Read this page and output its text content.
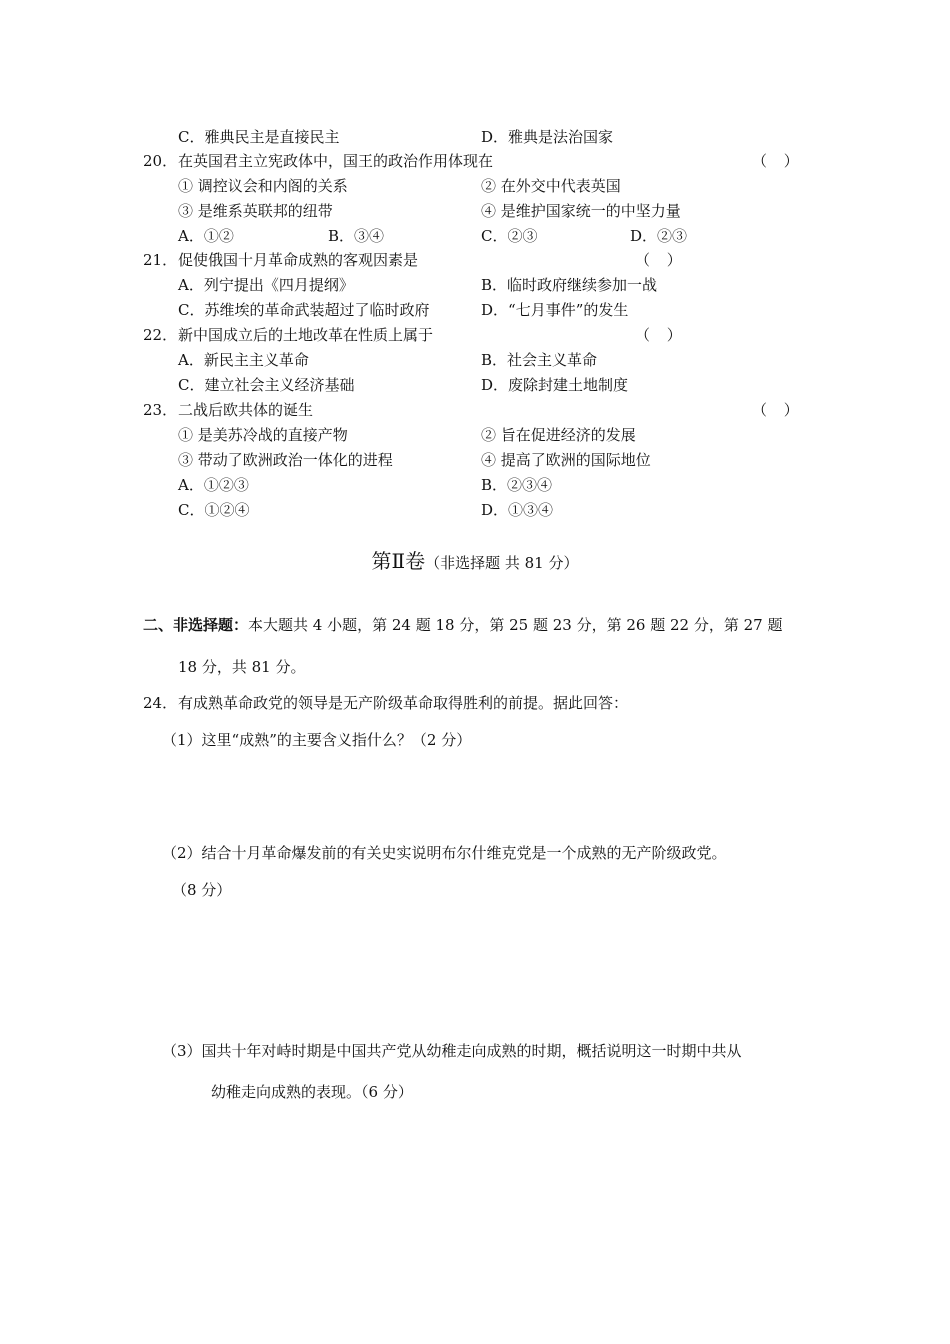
C．雅典民主是直接民主	D．雅典是法治国家
20． 在英国君主立宪政体中，国王的政治作用体现在	（ ）
① 调控议会和内阁的关系	② 在外交中代表英国
③ 是维系英联邦的纽带	④ 是维护国家统一的中坚力量
A．①②	B．③④	C．②③	D．②③
21． 促使俄国十月革命成熟的客观因素是	（ ）
A．列宁提出《四月提纲》	B．临时政府继续参加一战
C．苏维埃的革命武装超过了临时政府	D．“七月事件”的发生
22． 新中国成立后的土地改革在性质上属于	（ ）
A．新民主主义革命	B．社会主义革命
C．建立社会主义经济基础	D．废除封建土地制度
23． 二战后欧共体的诞生	（ ）
① 是美苏冷战的直接产物	② 旨在促进经济的发展
③ 带动了欧洲政治一体化的进程	④ 提高了欧洲的国际地位
A．①②③	B．②③④
C．①②④	D．①③④
第Ⅱ卷（非选择题 共 81 分）
二、非选择题：本大题共 4 小题，第 24 题 18 分，第 25 题 23 分，第 26 题 22 分，第 27 题
18 分，共 81 分。
24． 有成熟革命政党的领导是无产阶级革命取得胜利的前提。据此回答：
（1）这里“成熟”的主要含义指什么？（2 分）
（2）结合十月革命爆发前的有关史实说明布尔什维克党是一个成熟的无产阶级政党。
（8 分）
（3）国共十年对峙时期是中国共产党从幼稚走向成熟的时期，概括说明这一时期中共从
幼稚走向成熟的表现。（6 分）
